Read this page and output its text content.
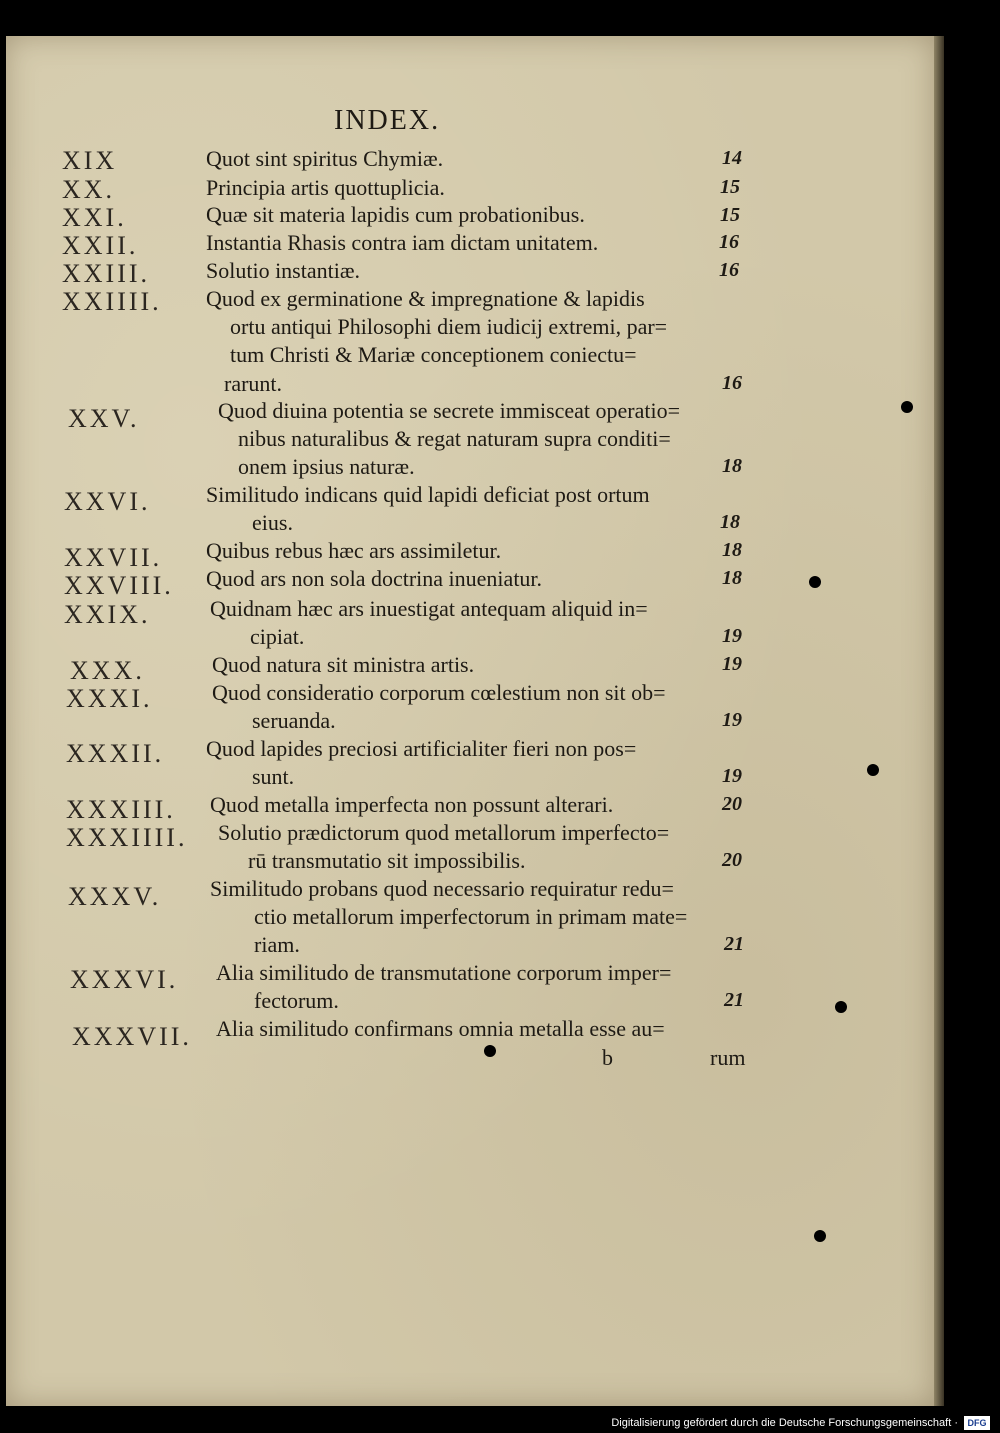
INDEX.
XIX	Quot sint spiritus Chymiæ.	14
XX.	Principia artis quottuplicia.	15
XXI.	Quæ sit materia lapidis cum probationibus.	15
XXII.	Instantia Rhasis contra iam dictam unitatem.	16
XXIII.	Solutio instantiæ.	16
XXIIII. Quod ex germinatione & impregnatione & lapidis
ortu antiqui Philosophi diem iudicij extremi, par=
tum Christi & Mariæ conceptionem coniectu=
rarunt.	16
XXV.	Quod diuina potentia se secrete immisceat operatio=
nibus naturalibus & regat naturam supra conditi=
onem ipsius naturæ.	18
XXVI.	Similitudo indicans quid lapidi deficiat post ortum
eius.	18
XXVII. Quibus rebus hæc ars assimiletur.	18
XXVIII. Quod ars non sola doctrina inueniatur.	18
XXIX.	Quidnam hæc ars inuestigat antequam aliquid in=
cipiat.	19
XXX.	Quod natura sit ministra artis.	19
XXXI.	Quod consideratio corporum cœlestium non sit ob=
seruanda.	19
XXXII. Quod lapides preciosi artificialiter fieri non pos=
sunt.	19
XXXIII. Quod metalla imperfecta non possunt alterari.	20
XXXIIII. Solutio prædictorum quod metallorum imperfecto=
rū transmutatio sit impossibilis.	20
XXXV. Similitudo probans quod necessario requiratur redu=
ctio metallorum imperfectorum in primam mate=
riam.	21
XXXVI. Alia similitudo de transmutatione corporum imper=
fectorum.	21
XXXVII. Alia similitudo confirmans omnia metalla esse au=
b	rum
Digitalisierung gefördert durch die Deutsche Forschungsgemeinschaft ·	DFG
